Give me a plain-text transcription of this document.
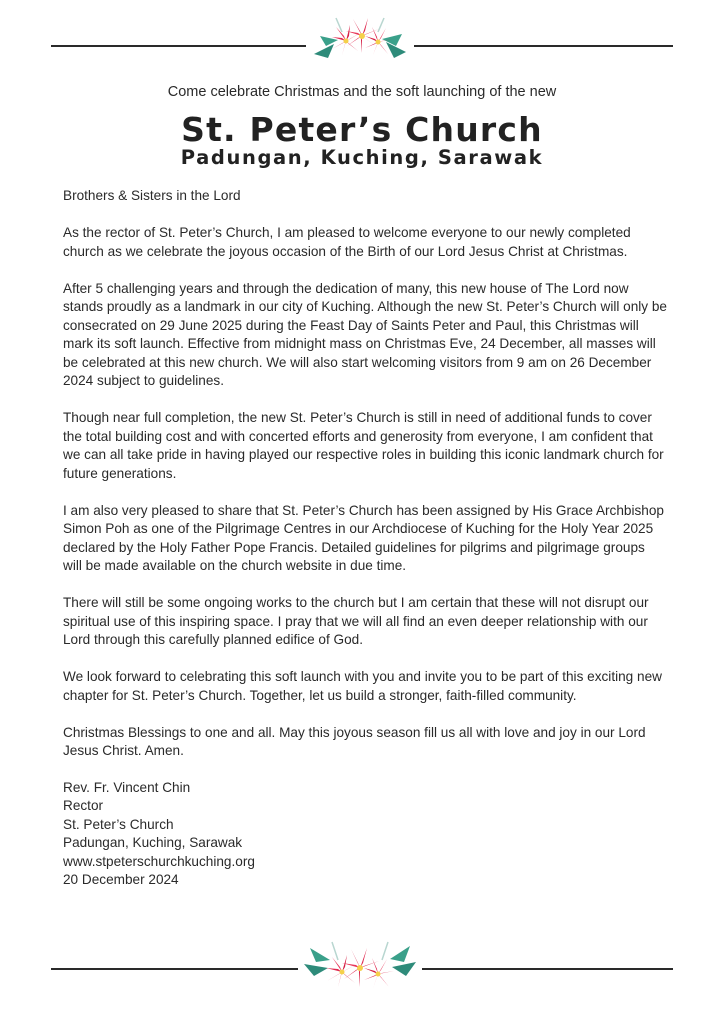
Come celebrate Christmas and the soft launching of the new
St. Peter’s Church
Padungan, Kuching, Sarawak

Brothers & Sisters in the Lord

As the rector of St. Peter’s Church, I am pleased to welcome everyone to our newly completed church as we celebrate the joyous occasion of the Birth of our Lord Jesus Christ at Christmas.

After 5 challenging years and through the dedication of many, this new house of The Lord now stands proudly as a landmark in our city of Kuching. Although the new St. Peter’s Church will only be consecrated on 29 June 2025 during the Feast Day of Saints Peter and Paul, this Christmas will mark its soft launch. Effective from midnight mass on Christmas Eve, 24 December, all masses will be celebrated at this new church. We will also start welcoming visitors from 9 am on 26 December 2024 subject to guidelines.

Though near full completion, the new St. Peter’s Church is still in need of additional funds to cover the total building cost and with concerted efforts and generosity from everyone, I am confident that we can all take pride in having played our respective roles in building this iconic landmark church for future generations.

I am also very pleased to share that St. Peter’s Church has been assigned by His Grace Archbishop Simon Poh as one of the Pilgrimage Centres in our Archdiocese of Kuching for the Holy Year 2025 declared by the Holy Father Pope Francis. Detailed guidelines for pilgrims and pilgrimage groups will be made available on the church website in due time.

There will still be some ongoing works to the church but I am certain that these will not disrupt our spiritual use of this inspiring space. I pray that we will all find an even deeper relationship with our Lord through this carefully planned edifice of God.

We look forward to celebrating this soft launch with you and invite you to be part of this exciting new chapter for St. Peter’s Church. Together, let us build a stronger, faith-filled community.

Christmas Blessings to one and all. May this joyous season fill us all with love and joy in our Lord Jesus Christ. Amen.

Rev. Fr. Vincent Chin
Rector
St. Peter’s Church
Padungan, Kuching, Sarawak
www.stpeterschurchkuching.org
20 December 2024
